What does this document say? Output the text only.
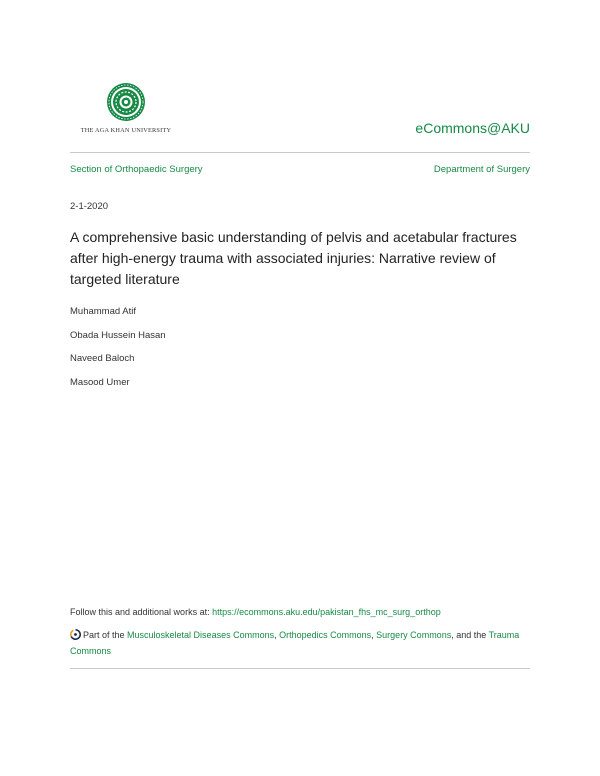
THE AGA KHAN UNIVERSITY	eCommons@AKU
Section of Orthopaedic Surgery	Department of Surgery
2-1-2020
A comprehensive basic understanding of pelvis and acetabular fractures after high-energy trauma with associated injuries: Narrative review of targeted literature
Muhammad Atif
Obada Hussein Hasan
Naveed Baloch
Masood Umer
Follow this and additional works at: https://ecommons.aku.edu/pakistan_fhs_mc_surg_orthop
Part of the Musculoskeletal Diseases Commons, Orthopedics Commons, Surgery Commons, and the Trauma Commons
